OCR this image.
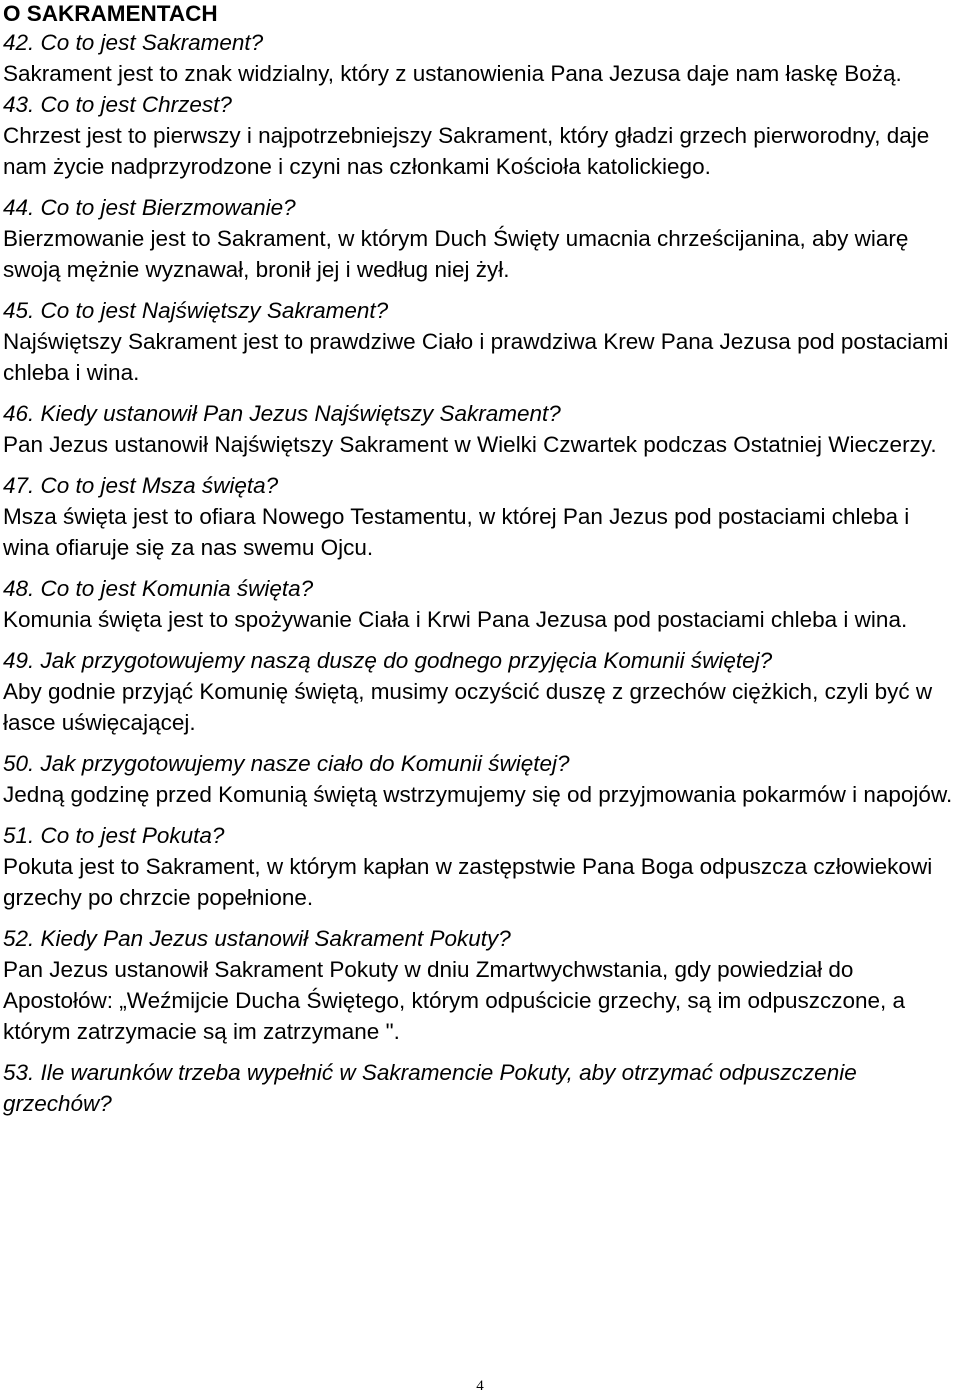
O SAKRAMENTACH

42. Co to jest Sakrament?

Sakrament jest to znak widzialny, który z ustanowienia Pana Jezusa daje nam łaskę Bożą.

43. Co to jest Chrzest?

Chrzest jest to pierwszy i najpotrzebniejszy Sakrament, który gładzi grzech pierworodny, daje nam życie nadprzyrodzone i czyni nas członkami Kościoła katolickiego.

44. Co to jest Bierzmowanie?

Bierzmowanie jest to Sakrament, w którym Duch Święty umacnia chrześcijanina, aby wiarę swoją mężnie wyznawał, bronił jej i według niej żył.

45. Co to jest Najświętszy Sakrament?

Najświętszy Sakrament jest to prawdziwe Ciało i prawdziwa Krew Pana Jezusa pod postaciami chleba i wina.

46. Kiedy ustanowił Pan Jezus Najświętszy Sakrament?

Pan Jezus ustanowił Najświętszy Sakrament w Wielki Czwartek podczas Ostatniej Wieczerzy.

47. Co to jest Msza święta?

Msza święta jest to ofiara Nowego Testamentu, w której Pan Jezus pod postaciami chleba i wina ofiaruje się za nas swemu Ojcu.

48. Co to jest Komunia święta?

Komunia święta jest to spożywanie Ciała i Krwi Pana Jezusa pod postaciami chleba i wina.

49. Jak przygotowujemy naszą duszę do godnego przyjęcia Komunii świętej?

Aby godnie przyjąć Komunię świętą, musimy oczyścić duszę z grzechów ciężkich, czyli być w łasce uświęcającej.

50. Jak przygotowujemy nasze ciało do Komunii świętej?

Jedną godzinę przed Komunią świętą wstrzymujemy się od przyjmowania pokarmów i napojów.

51. Co to jest Pokuta?

Pokuta jest to Sakrament, w którym kapłan w zastępstwie Pana Boga odpuszcza człowiekowi grzechy po chrzcie popełnione.

52. Kiedy Pan Jezus ustanowił Sakrament Pokuty?

Pan Jezus ustanowił Sakrament Pokuty w dniu Zmartwychwstania, gdy powiedział do Apostołów: „Weźmijcie Ducha Świętego, którym odpuścicie grzechy, są im odpuszczone, a którym zatrzymacie są im zatrzymane ".

53. Ile warunków trzeba wypełnić w Sakramencie Pokuty, aby otrzymać odpuszczenie grzechów?

4
